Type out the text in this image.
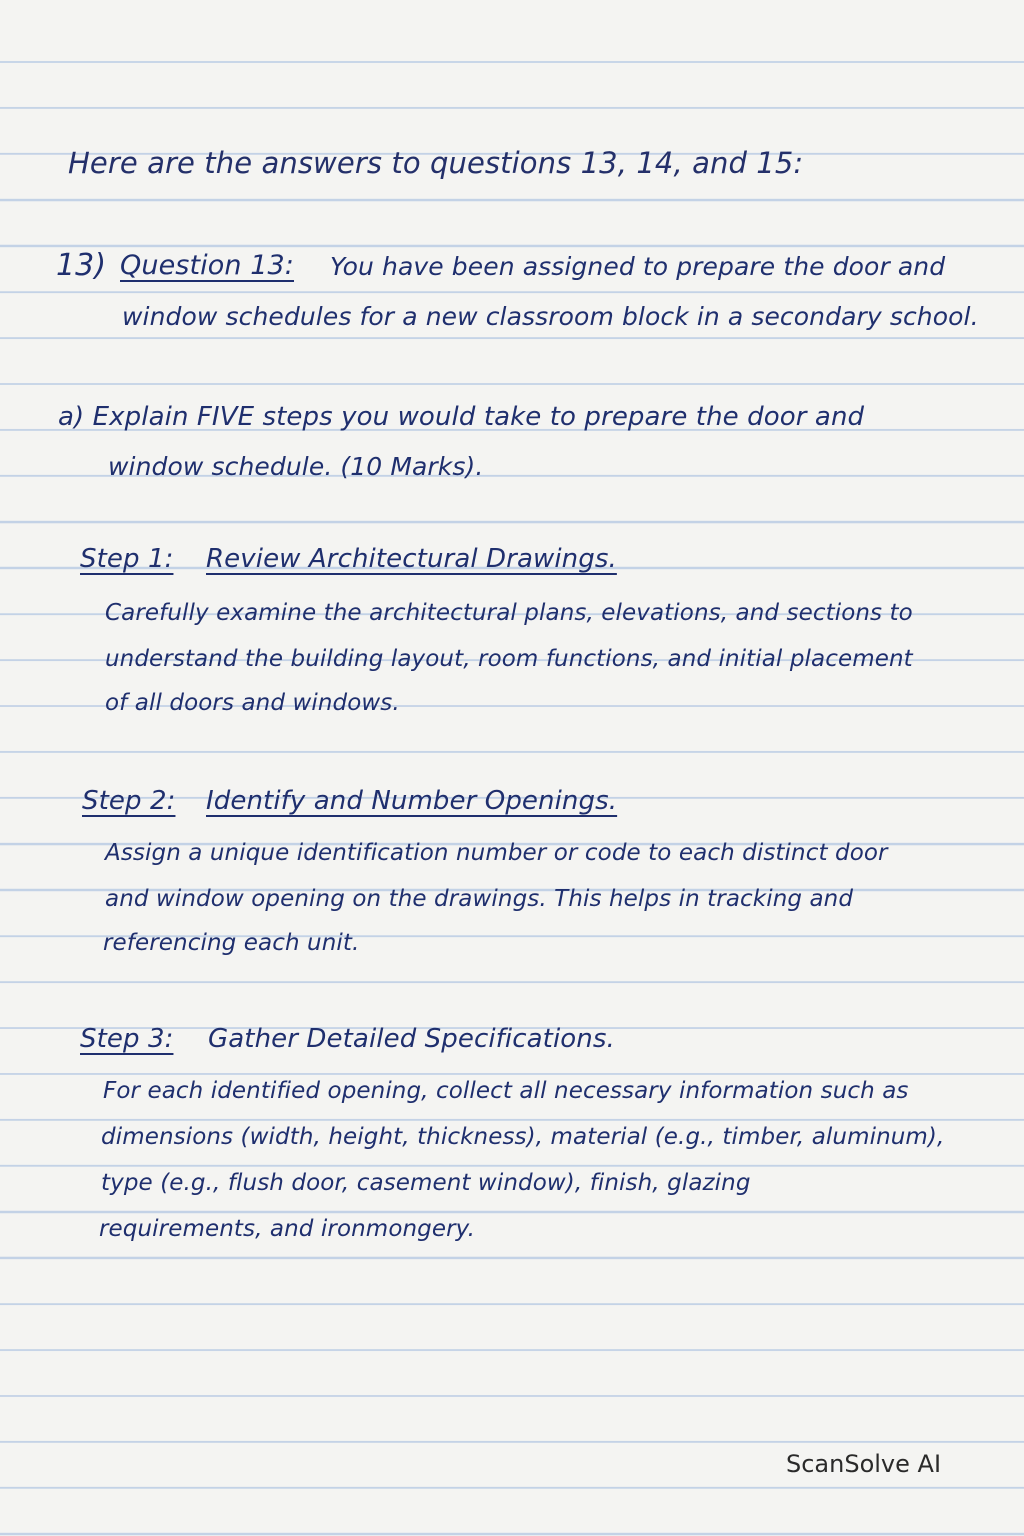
Here are the answers to questions 13, 14, and 15:
13) Question 13: You have been assigned to prepare the door and
window schedules for a new classroom block in a secondary school.
a) Explain FIVE steps you would take to prepare the door and
window schedule. (10 Marks).
Step 1: Review Architectural Drawings.
Carefully examine the architectural plans, elevations, and sections to
understand the building layout, room functions, and initial placement
of all doors and windows.
Step 2: Identify and Number Openings.
Assign a unique identification number or code to each distinct door
and window opening on the drawings. This helps in tracking and
referencing each unit.
Step 3: Gather Detailed Specifications.
For each identified opening, collect all necessary information such as
dimensions (width, height, thickness), material (e.g., timber, aluminum),
type (e.g., flush door, casement window), finish, glazing
requirements, and ironmongery.
ScanSolve AI
